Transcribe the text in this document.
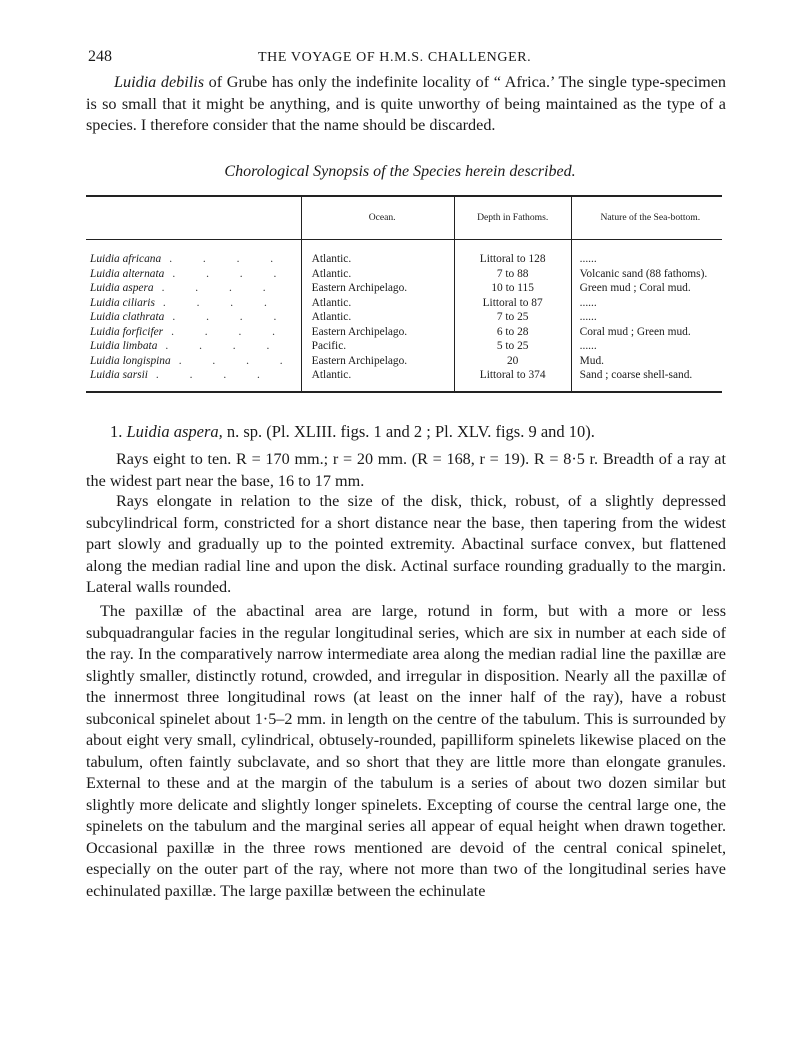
248	THE VOYAGE OF H.M.S. CHALLENGER.

Luidia debilis of Grube has only the indefinite locality of “ Africa.’ The single type-specimen is so small that it might be anything, and is quite unworthy of being maintained as the type of a species. I therefore consider that the name should be discarded.

Chorological Synopsis of the Species herein described.
	Ocean.	Depth in Fathoms.	Nature of the Sea-bottom.
Luidia africana . . . .	Atlantic.	Littoral to 128	......
Luidia alternata . . . .	Atlantic.	7 to 88	Volcanic sand (88 fathoms).
Luidia aspera . . . .	Eastern Archipelago.	10 to 115	Green mud ; Coral mud.
Luidia ciliaris . . . .	Atlantic.	Littoral to 87	......
Luidia clathrata . . . .	Atlantic.	7 to 25	......
Luidia forficifer . . . .	Eastern Archipelago.	6 to 28	Coral mud ; Green mud.
Luidia limbata . . . .	Pacific.	5 to 25	......
Luidia longispina . . . .	Eastern Archipelago.	20	Mud.
Luidia sarsii . . . .	Atlantic.	Littoral to 374	Sand ; coarse shell-sand.

1. Luidia aspera, n. sp. (Pl. XLIII. figs. 1 and 2 ; Pl. XLV. figs. 9 and 10).

Rays eight to ten. R = 170 mm.; r = 20 mm. (R = 168, r = 19). R = 8·5 r. Breadth of a ray at the widest part near the base, 16 to 17 mm.

Rays elongate in relation to the size of the disk, thick, robust, of a slightly depressed subcylindrical form, constricted for a short distance near the base, then tapering from the widest part slowly and gradually up to the pointed extremity. Abactinal surface convex, but flattened along the median radial line and upon the disk. Actinal surface rounding gradually to the margin. Lateral walls rounded.

The paxillæ of the abactinal area are large, rotund in form, but with a more or less subquadrangular facies in the regular longitudinal series, which are six in number at each side of the ray. In the comparatively narrow intermediate area along the median radial line the paxillæ are slightly smaller, distinctly rotund, crowded, and irregular in disposition. Nearly all the paxillæ of the innermost three longitudinal rows (at least on the inner half of the ray), have a robust subconical spinelet about 1·5–2 mm. in length on the centre of the tabulum. This is surrounded by about eight very small, cylindrical, obtusely-rounded, papilliform spinelets likewise placed on the tabulum, often faintly subclavate, and so short that they are little more than elongate granules. External to these and at the margin of the tabulum is a series of about two dozen similar but slightly more delicate and slightly longer spinelets. Excepting of course the central large one, the spinelets on the tabulum and the marginal series all appear of equal height when drawn together. Occasional paxillæ in the three rows mentioned are devoid of the central conical spinelet, especially on the outer part of the ray, where not more than two of the longitudinal series have echinulated paxillæ. The large paxillæ between the echinulate
